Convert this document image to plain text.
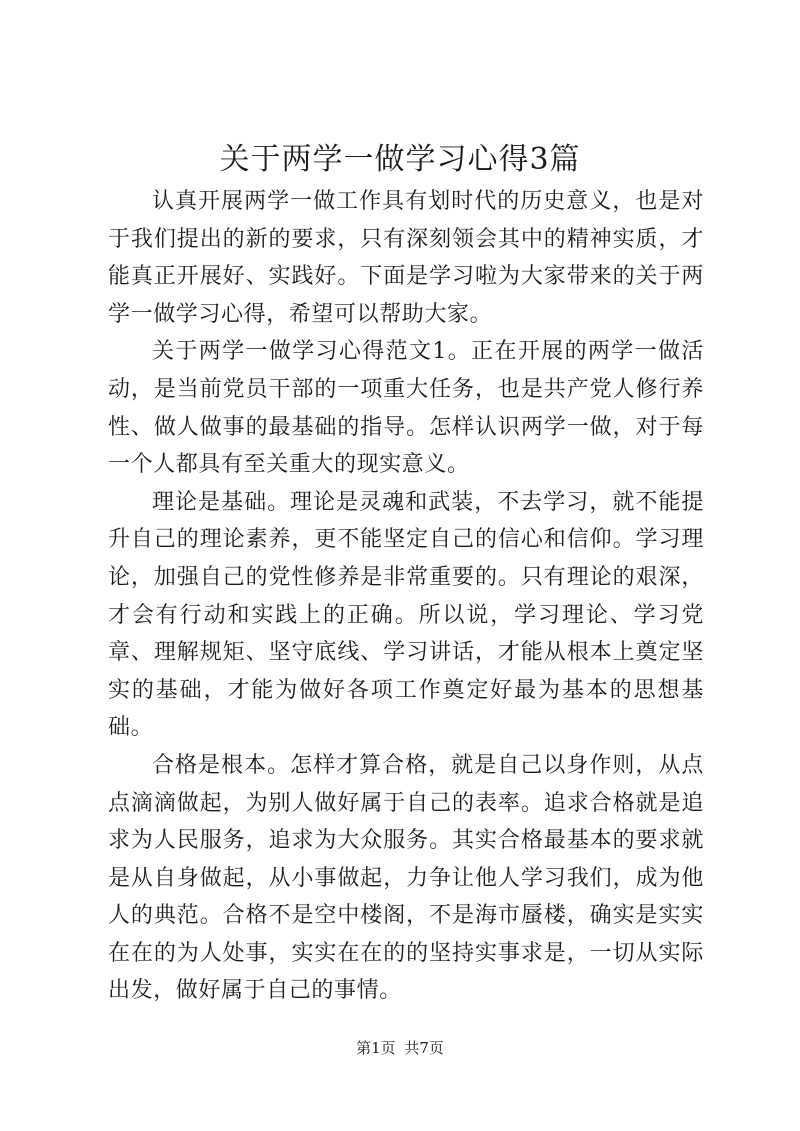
关于两学一做学习心得3篇

认真开展两学一做工作具有划时代的历史意义，也是对于我们提出的新的要求，只有深刻领会其中的精神实质，才能真正开展好、实践好。下面是学习啦为大家带来的关于两学一做学习心得，希望可以帮助大家。

关于两学一做学习心得范文1。正在开展的两学一做活动，是当前党员干部的一项重大任务，也是共产党人修行养性、做人做事的最基础的指导。怎样认识两学一做，对于每一个人都具有至关重大的现实意义。

理论是基础。理论是灵魂和武装，不去学习，就不能提升自己的理论素养，更不能坚定自己的信心和信仰。学习理论，加强自己的党性修养是非常重要的。只有理论的艰深，才会有行动和实践上的正确。所以说，学习理论、学习党章、理解规矩、坚守底线、学习讲话，才能从根本上奠定坚实的基础，才能为做好各项工作奠定好最为基本的思想基础。

合格是根本。怎样才算合格，就是自己以身作则，从点点滴滴做起，为别人做好属于自己的表率。追求合格就是追求为人民服务，追求为大众服务。其实合格最基本的要求就是从自身做起，从小事做起，力争让他人学习我们，成为他人的典范。合格不是空中楼阁，不是海市蜃楼，确实是实实在在的为人处事，实实在在的的坚持实事求是，一切从实际出发，做好属于自己的事情。

第1页 共7页
